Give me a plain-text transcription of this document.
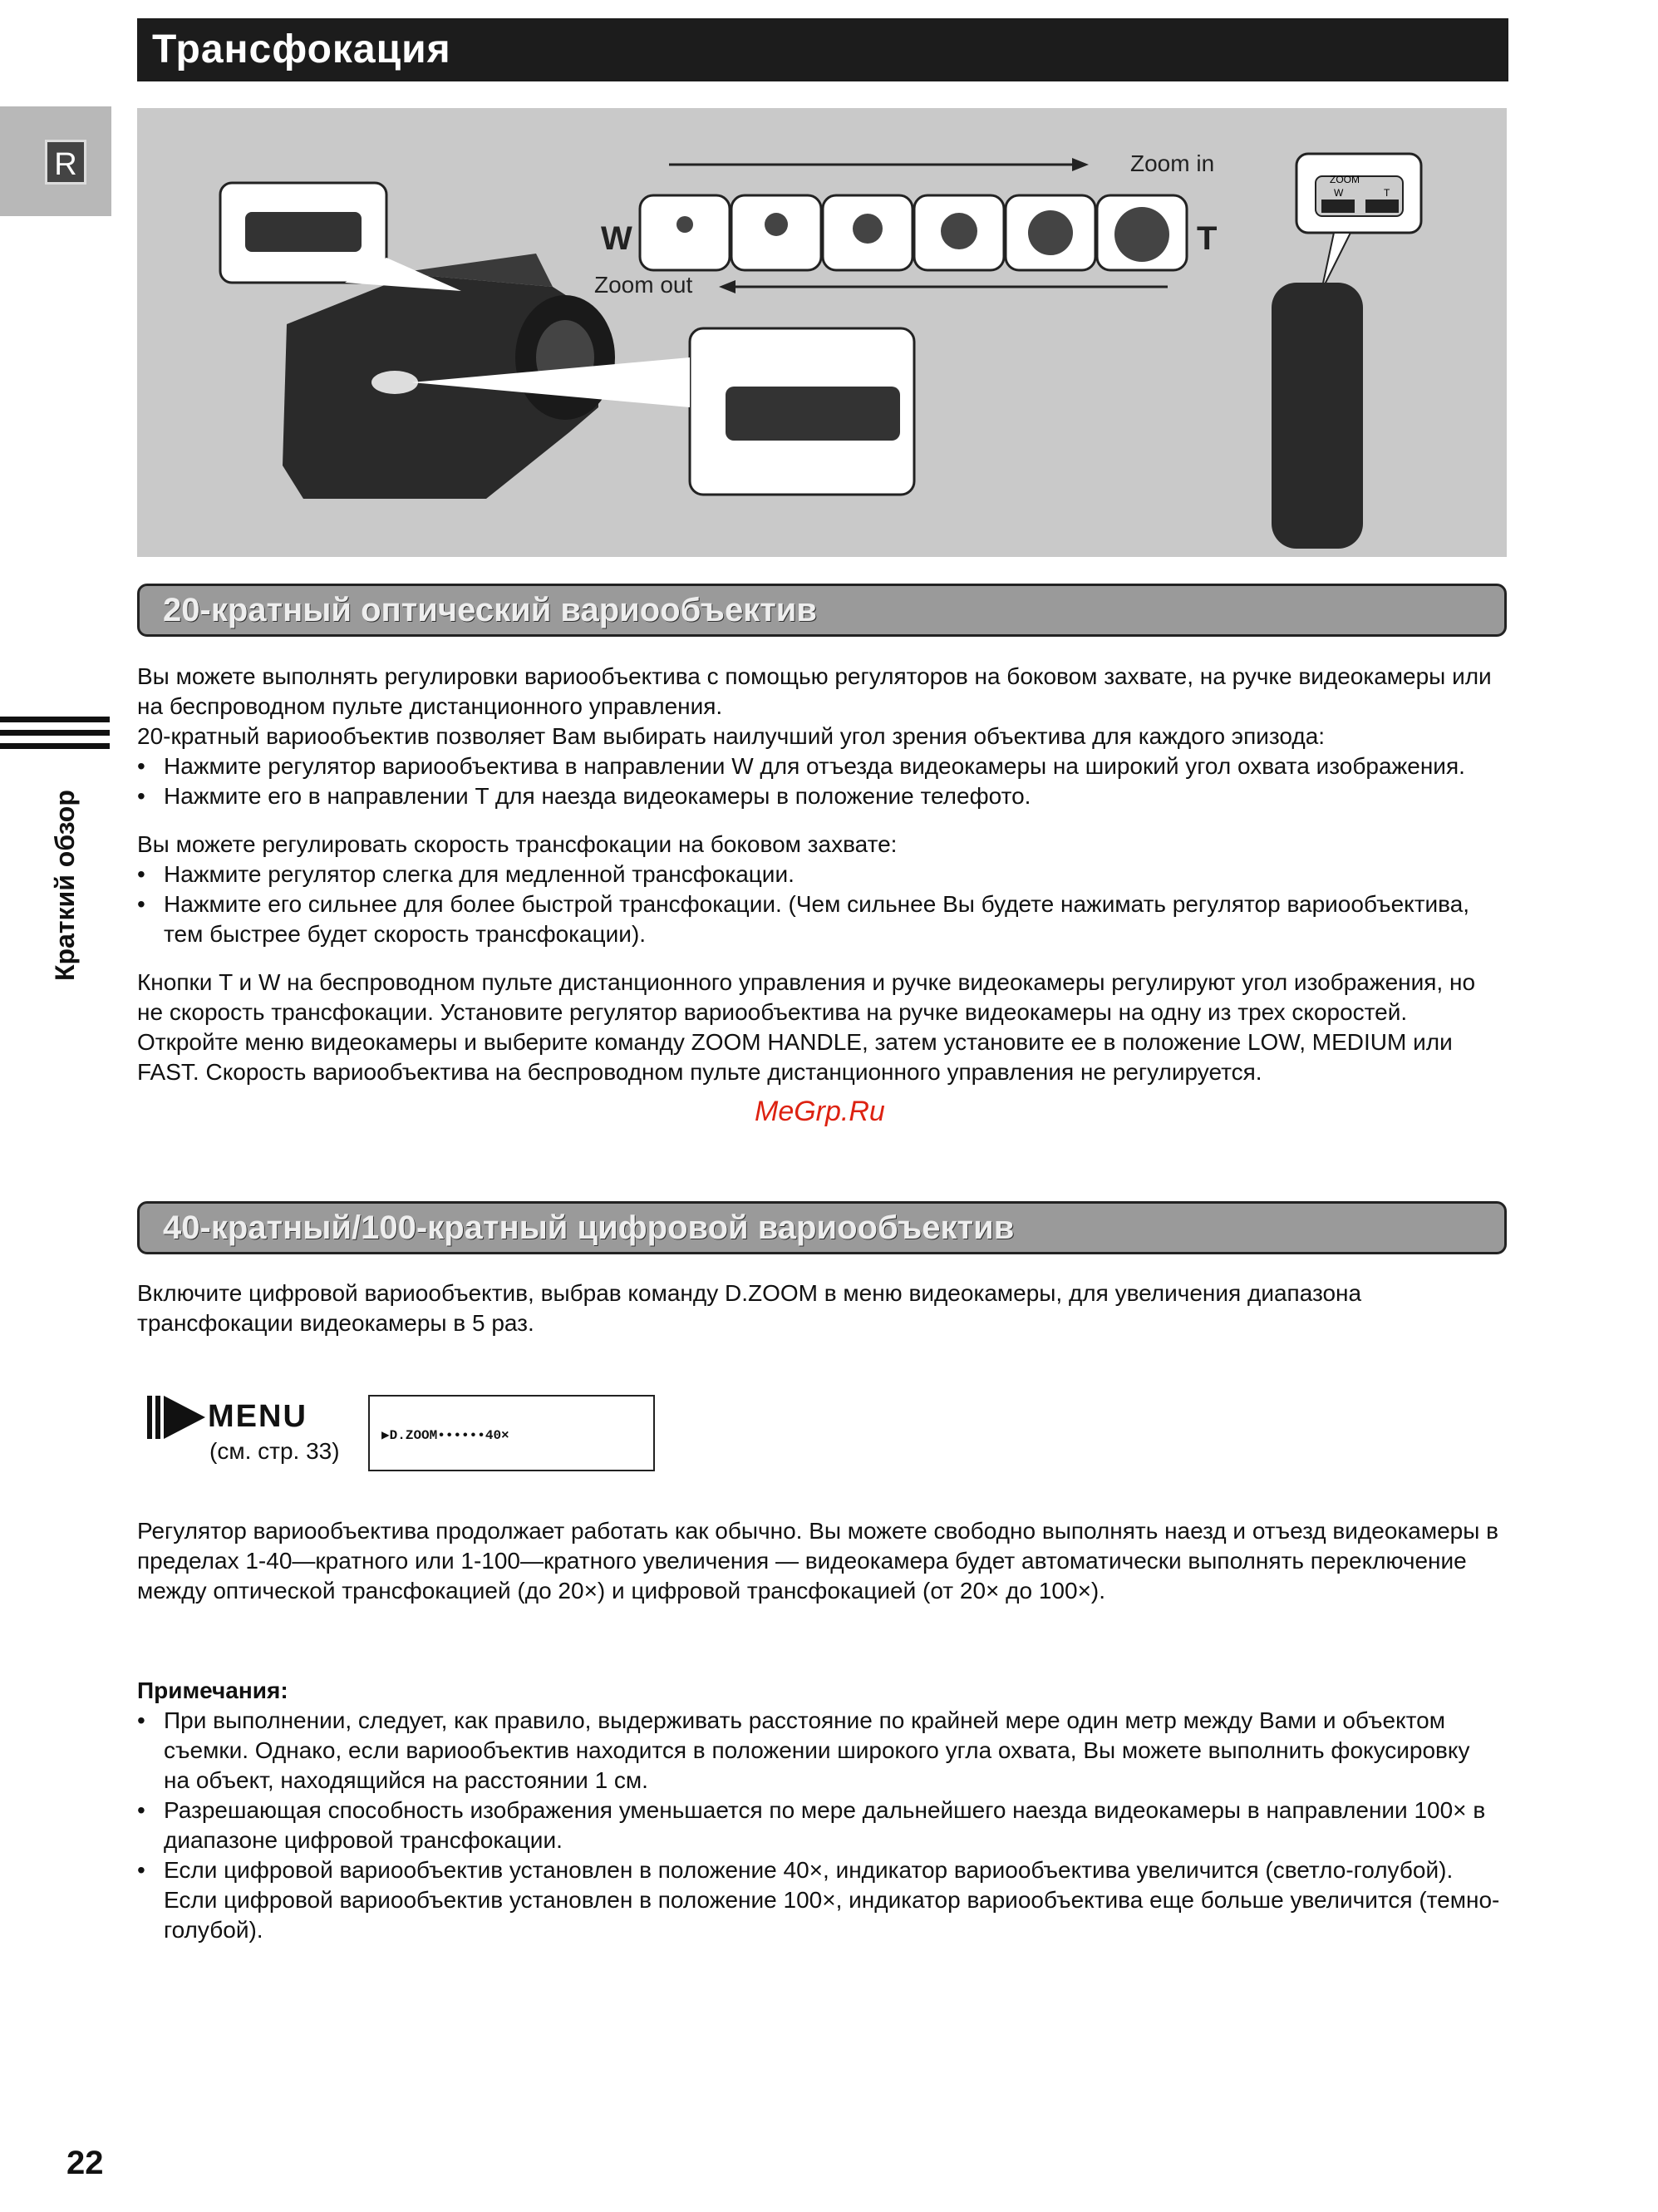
Трансфокация
R
Краткий обзор
ZOOM
W	T
Zoom in
Zoom out
W	T
20-кратный оптический вариообъектив

Вы можете выполнять регулировки вариообъектива с помощью регуляторов на боковом захвате, на ручке видеокамеры или на беспроводном пульте дистанционного управления.

20-кратный вариообъектив позволяет Вам выбирать наилучший угол зрения объектива для каждого эпизода:

• Нажмите регулятор вариообъектива в направлении W для отъезда видеокамеры на широкий угол охвата изображения.

• Нажмите его в направлении T для наезда видеокамеры в положение телефото.

Вы можете регулировать скорость трансфокации на боковом захвате:

• Нажмите регулятор слегка для медленной трансфокации.

• Нажмите его сильнее для более быстрой трансфокации. (Чем сильнее Вы будете нажимать регулятор вариообъектива, тем быстрее будет скорость трансфокации).

Кнопки T и W на беспроводном пульте дистанционного управления и ручке видеокамеры регулируют угол изображения, но не скорость трансфокации. Установите регулятор вариообъектива на ручке видеокамеры на одну из трех скоростей. Откройте меню видеокамеры и выберите команду ZOOM HANDLE, затем установите ее в положение LOW, MEDIUM или FAST. Скорость вариообъектива на беспроводном пульте дистанционного управления не регулируется.

MeGrp.Ru
40-кратный/100-кратный цифровой вариообъектив
Включите цифровой вариообъектив, выбрав команду D.ZOOM в меню видеокамеры, для увеличения диапазона трансфокации видеокамеры в 5 раз.
MENU
(см. стр. 33)
▶D.ZOOM••••••40×
Регулятор вариообъектива продолжает работать как обычно. Вы можете свободно выполнять наезд и отъезд видеокамеры в пределах 1-40—кратного или 1-100—кратного увеличения — видеокамера будет автоматически выполнять переключение между оптической трансфокацией (до 20×) и цифровой трансфокацией (от 20× до 100×).

Примечания:

• При выполнении, следует, как правило, выдерживать расстояние по крайней мере один метр между Вами и объектом съемки. Однако, если вариообъектив находится в положении широкого угла охвата, Вы можете выполнить фокусировку на объект, находящийся на расстоянии 1 см.

• Разрешающая способность изображения уменьшается по мере дальнейшего наезда видеокамеры в направлении 100× в диапазоне цифровой трансфокации.

• Если цифровой вариообъектив установлен в положение 40×, индикатор вариообъектива увеличится (светло-голубой).

Если цифровой вариообъектив установлен в положение 100×, индикатор вариообъектива еще больше увеличится (темно-голубой).

22
